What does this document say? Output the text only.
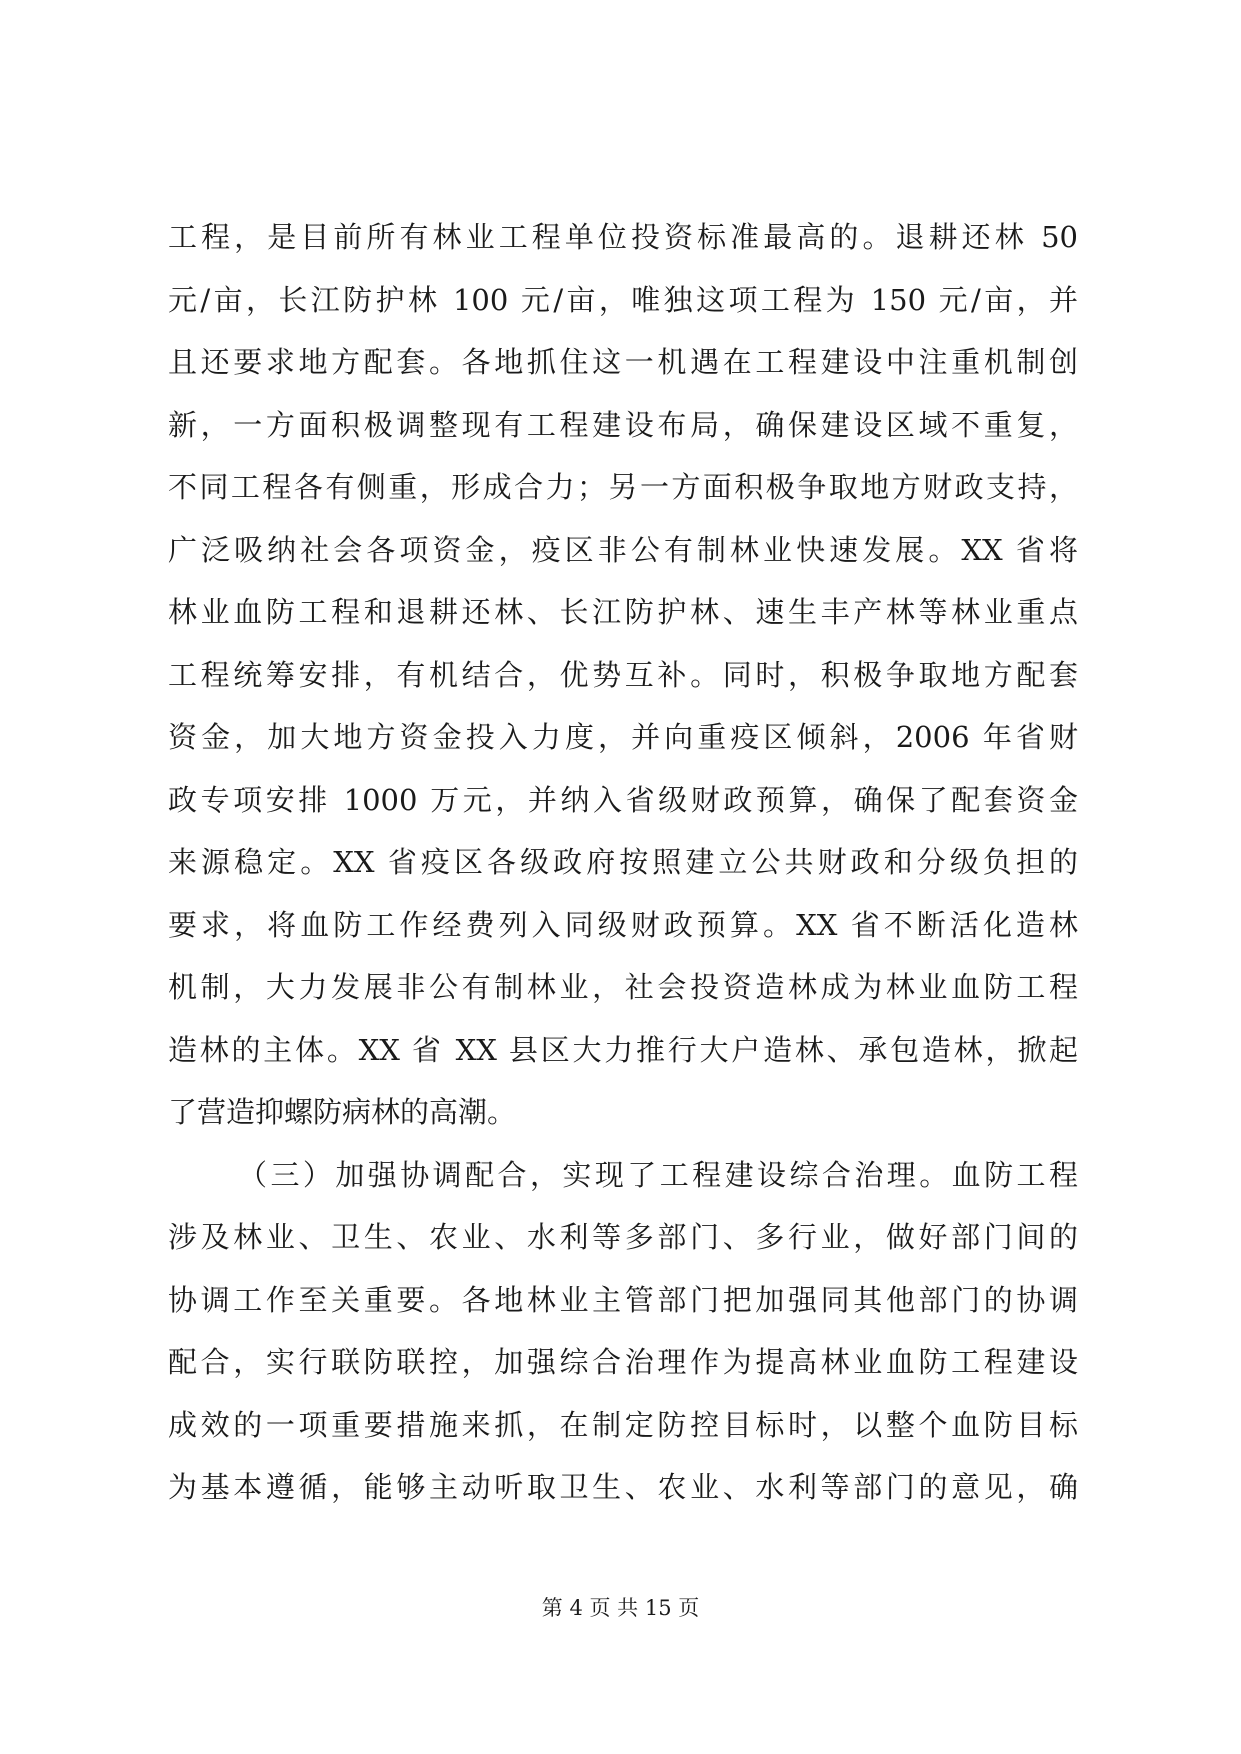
工程，是目前所有林业工程单位投资标准最高的。退耕还林 50
元/亩，长江防护林 100 元/亩，唯独这项工程为 150 元/亩，并
且还要求地方配套。各地抓住这一机遇在工程建设中注重机制创
新，一方面积极调整现有工程建设布局，确保建设区域不重复，
不同工程各有侧重，形成合力；另一方面积极争取地方财政支持，
广泛吸纳社会各项资金，疫区非公有制林业快速发展。XX 省将
林业血防工程和退耕还林、长江防护林、速生丰产林等林业重点
工程统筹安排，有机结合，优势互补。同时，积极争取地方配套
资金，加大地方资金投入力度，并向重疫区倾斜，2006 年省财
政专项安排 1000 万元，并纳入省级财政预算，确保了配套资金
来源稳定。XX 省疫区各级政府按照建立公共财政和分级负担的
要求，将血防工作经费列入同级财政预算。XX 省不断活化造林
机制，大力发展非公有制林业，社会投资造林成为林业血防工程
造林的主体。XX 省 XX 县区大力推行大户造林、承包造林，掀起
了营造抑螺防病林的高潮。
（三）加强协调配合，实现了工程建设综合治理。血防工程
涉及林业、卫生、农业、水利等多部门、多行业，做好部门间的
协调工作至关重要。各地林业主管部门把加强同其他部门的协调
配合，实行联防联控，加强综合治理作为提高林业血防工程建设
成效的一项重要措施来抓，在制定防控目标时，以整个血防目标
为基本遵循，能够主动听取卫生、农业、水利等部门的意见，确
第 4 页 共 15 页
